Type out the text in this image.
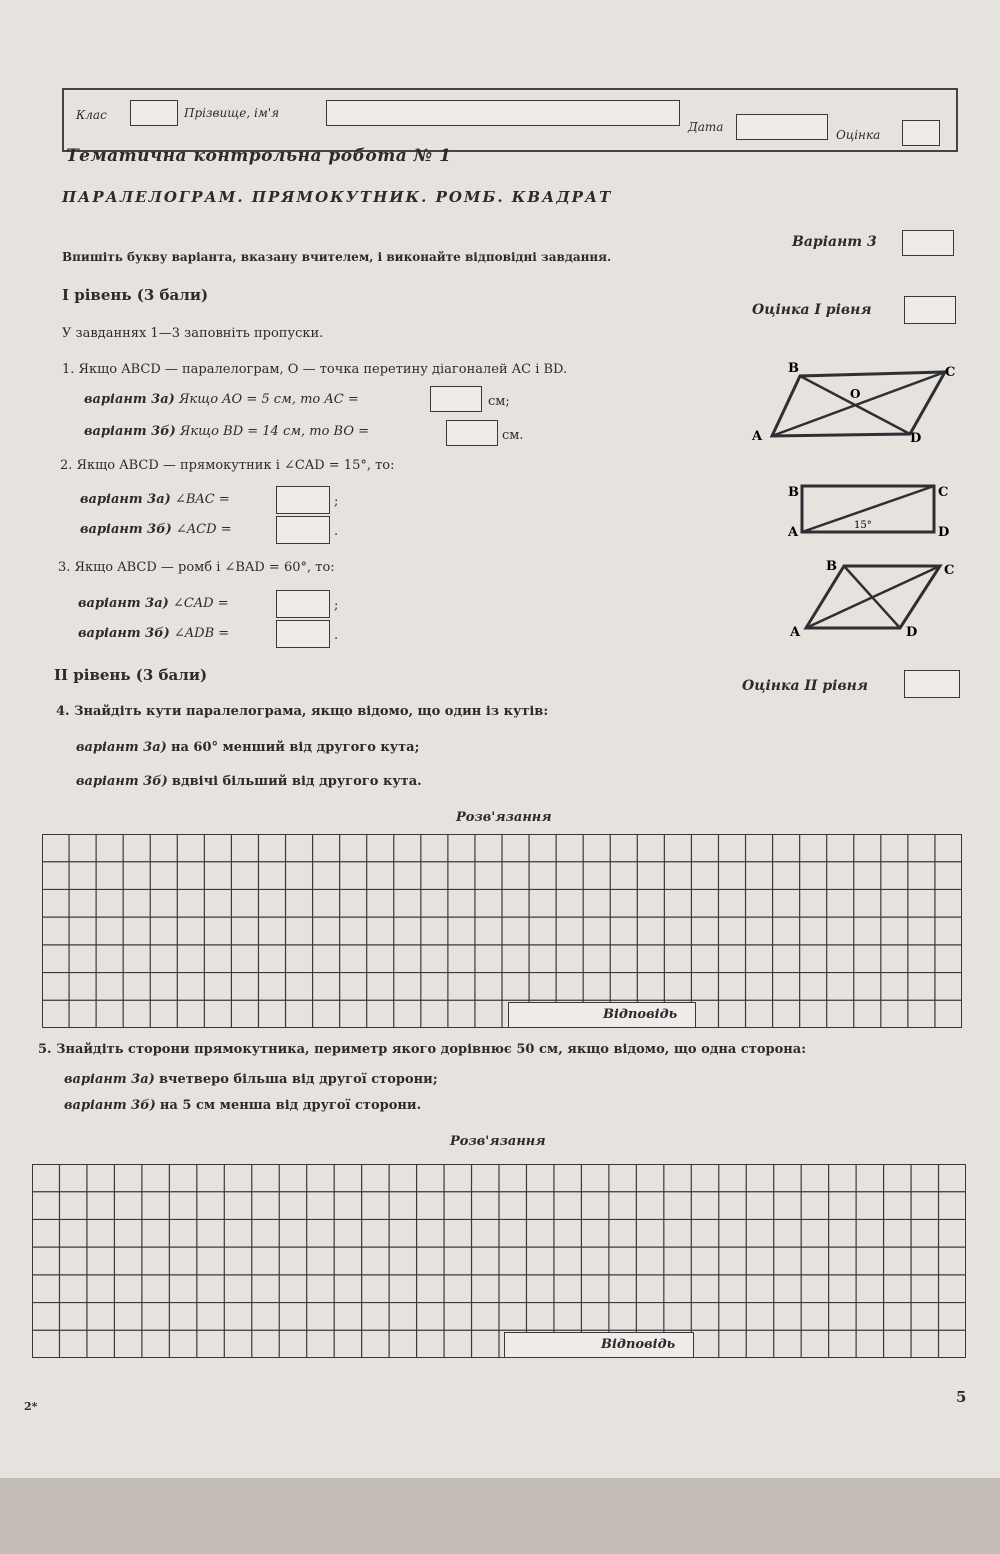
Клас	Прізвище, ім'я
Дата
Оцінка
Тематична контрольна робота № 1
ПАРАЛЕЛОГРАМ. ПРЯМОКУТНИК. РОМБ. КВАДРАТ
Варіант 3
Впишіть букву варіанта, вказану вчителем, і виконайте відповідні завдання.
І рівень (3 бали)
Оцінка І рівня
У завданнях 1—3 заповніть пропуски.
1. Якщо ABCD — паралелограм, O — точка перетину діагоналей AC і BD.
варіант 3а) Якщо AO = 5 см, то AC =	см;
варіант 3б) Якщо BD = 14 см, то BO =	см.
2. Якщо ABCD — прямокутник і ∠CAD = 15°, то:
варіант 3а) ∠BAC =	;
варіант 3б) ∠ACD =	.
3. Якщо ABCD — ромб і ∠BAD = 60°, то:
варіант 3а) ∠CAD =	;
варіант 3б) ∠ADB =	.
A
B	C
D
O
B	C
A	D
15°
B	C
A	D
ІІ рівень (3 бали)
Оцінка ІІ рівня
4. Знайдіть кути паралелограма, якщо відомо, що один із кутів:
варіант 3а) на 60° менший від другого кута;
варіант 3б) вдвічі більший від другого кута.
Розв'язання
Відповідь
5. Знайдіть сторони прямокутника, периметр якого дорівнює 50 см, якщо відомо, що одна сторона:
варіант 3а) вчетверо більша від другої сторони;
варіант 3б) на 5 см менша від другої сторони.
Розв'язання
Відповідь
2*
5
